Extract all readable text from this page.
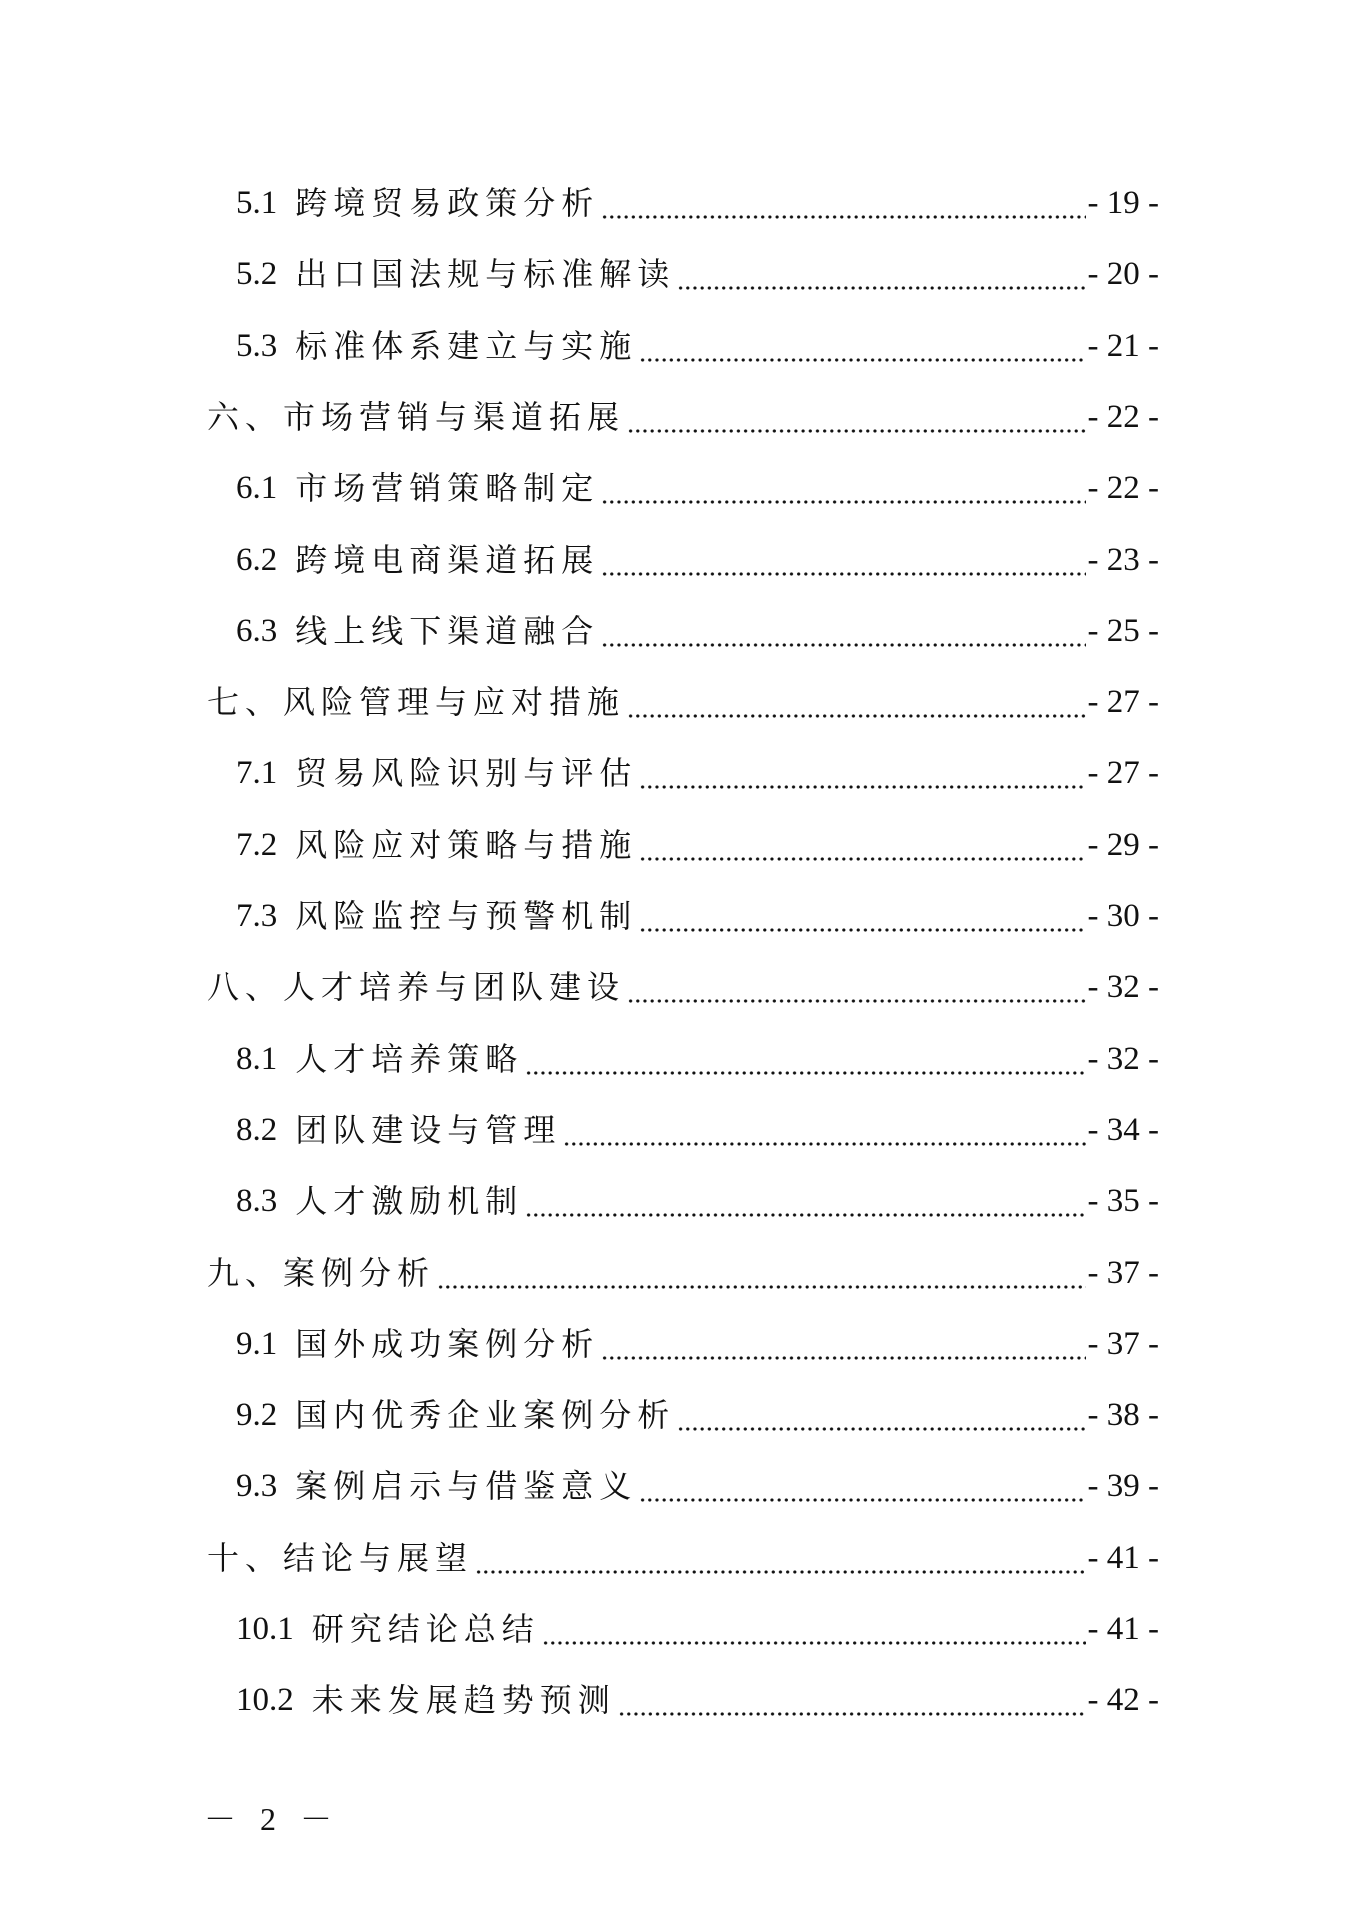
5.1 跨境贸易政策分析	- 19 -
5.2 出口国法规与标准解读	- 20 -
5.3 标准体系建立与实施	- 21 -
六、市场营销与渠道拓展	- 22 -
6.1 市场营销策略制定	- 22 -
6.2 跨境电商渠道拓展	- 23 -
6.3 线上线下渠道融合	- 25 -
七、风险管理与应对措施	- 27 -
7.1 贸易风险识别与评估	- 27 -
7.2 风险应对策略与措施	- 29 -
7.3 风险监控与预警机制	- 30 -
八、人才培养与团队建设	- 32 -
8.1 人才培养策略	- 32 -
8.2 团队建设与管理	- 34 -
8.3 人才激励机制	- 35 -
九、案例分析	- 37 -
9.1 国外成功案例分析	- 37 -
9.2 国内优秀企业案例分析	- 38 -
9.3 案例启示与借鉴意义	- 39 -
十、结论与展望	- 41 -
10.1 研究结论总结	- 41 -
10.2 未来发展趋势预测	- 42 -
－ 2 －
